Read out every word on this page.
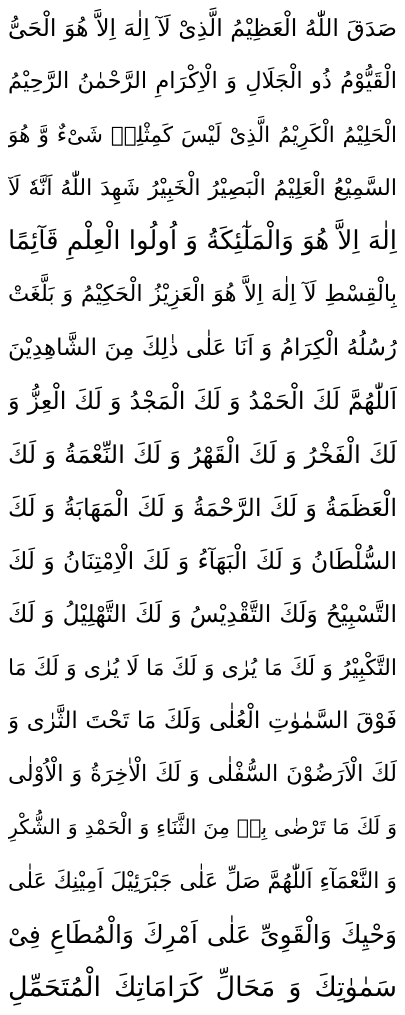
صَدَقَ اللّٰهُ الْعَظِيْمُ الَّذِىْ لَآ اِلٰهَ اِلاَّ هُوَ الْحَیُّ
الْقَیُّوْمُ ذُو الْجَلَالِ وَ الْاِكْرَامِ الرَّحْمٰنُ الرَّحِیْمُ
الْحَلِیْمُ الْكَرِیْمُ الَّذِیْ لَیْسَ كَمِثْلِهٖ شَیْءٌ وَّ هُوَ
السَّمِیْعُ الْعَلِیْمُ الْبَصِیْرُ الْخَبِیْرُ شَهِدَ اللّٰهُ اَنَّهٗ لَآ
اِلٰهَ اِلاَّ هُوَ وَالْمَلٰٓئِكَةُ وَ اُولُوا الْعِلْمِ قَآئِمًا
بِالْقِسْطِ لَآ اِلٰهَ اِلاَّ هُوَ الْعَزِیْزُ الْحَكِیْمُ وَ بَلَّغَتْ
رُسُلُهُ الْكِرَامُ وَ اَنَا عَلٰى ذٰلِكَ مِنَ الشَّاهِدِیْنَ
اَللّٰهُمَّ لَكَ الْحَمْدُ وَ لَكَ الْمَجْدُ وَ لَكَ الْعِزُّ وَ
لَكَ الْفَخْرُ وَ لَكَ الْقَهْرُ وَ لَكَ النِّعْمَةُ وَ لَكَ
الْعَظَمَةُ وَ لَكَ الرَّحْمَةُ وَ لَكَ الْمَهَابَةُ وَ لَكَ
السُّلْطَانُ وَ لَكَ الْبَهَآءُ وَ لَكَ الْاِمْتِنَانُ وَ لَكَ
التَّسْبِیْحُ وَلَكَ التَّقْدِیْسُ وَ لَكَ التَّهْلِیْلُ وَ لَكَ
التَّكْبِیْرُ وَ لَكَ مَا یُرٰى وَ لَكَ مَا لَا یُرٰى وَ لَكَ مَا
فَوْقَ السَّمٰوٰتِ الْعُلٰى وَلَكَ مَا تَحْتَ الثَّرٰى وَ
لَكَ الْاَرَضُوْنَ السُّفْلٰى وَ لَكَ الْاٰخِرَةُ وَ الْاُوْلٰى
وَ لَكَ مَا تَرْضٰى بِهٖ مِنَ الثَّنَاءِ وَ الْحَمْدِ وَ الشُّكْرِ
وَ النَّعْمَآءِ اَللّٰهُمَّ صَلِّ عَلٰى جَبْرَئِیْلَ اَمِیْنِكَ عَلٰى
وَحْیِكَ وَالْقَوِیِّ عَلٰى اَمْرِكَ وَالْمُطَاعِ فِیْ
سَمٰوٰتِكَ وَ مَحَالِّ كَرَامَاتِكَ الْمُتَحَمِّلِ
